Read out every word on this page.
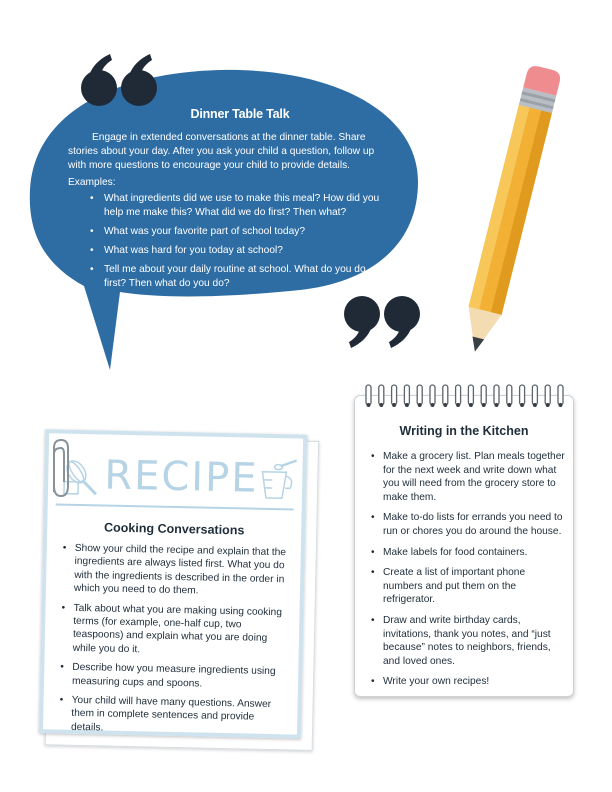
Dinner Table Talk
Engage in extended conversations at the dinner table. Share stories about your day. After you ask your child a question, follow up with more questions to encourage your child to provide details.
Examples:
• What ingredients did we use to make this meal? How did you help me make this? What did we do first? Then what?
• What was your favorite part of school today?
• What was hard for you today at school?
• Tell me about your daily routine at school. What do you do first? Then what do you do?
Writing in the Kitchen
• Make a grocery list. Plan meals together for the next week and write down what you will need from the grocery store to make them.
• Make to-do lists for errands you need to run or chores you do around the house.
• Make labels for food containers.
• Create a list of important phone numbers and put them on the refrigerator.
• Draw and write birthday cards, invitations, thank you notes, and “just because” notes to neighbors, friends, and loved ones.
• Write your own recipes!
RECIPE
Cooking Conversations
• Show your child the recipe and explain that the ingredients are always listed first. What you do with the ingredients is described in the order in which you need to do them.
• Talk about what you are making using cooking terms (for example, one-half cup, two teaspoons) and explain what you are doing while you do it.
• Describe how you measure ingredients using measuring cups and spoons.
• Your child will have many questions. Answer them in complete sentences and provide details.
